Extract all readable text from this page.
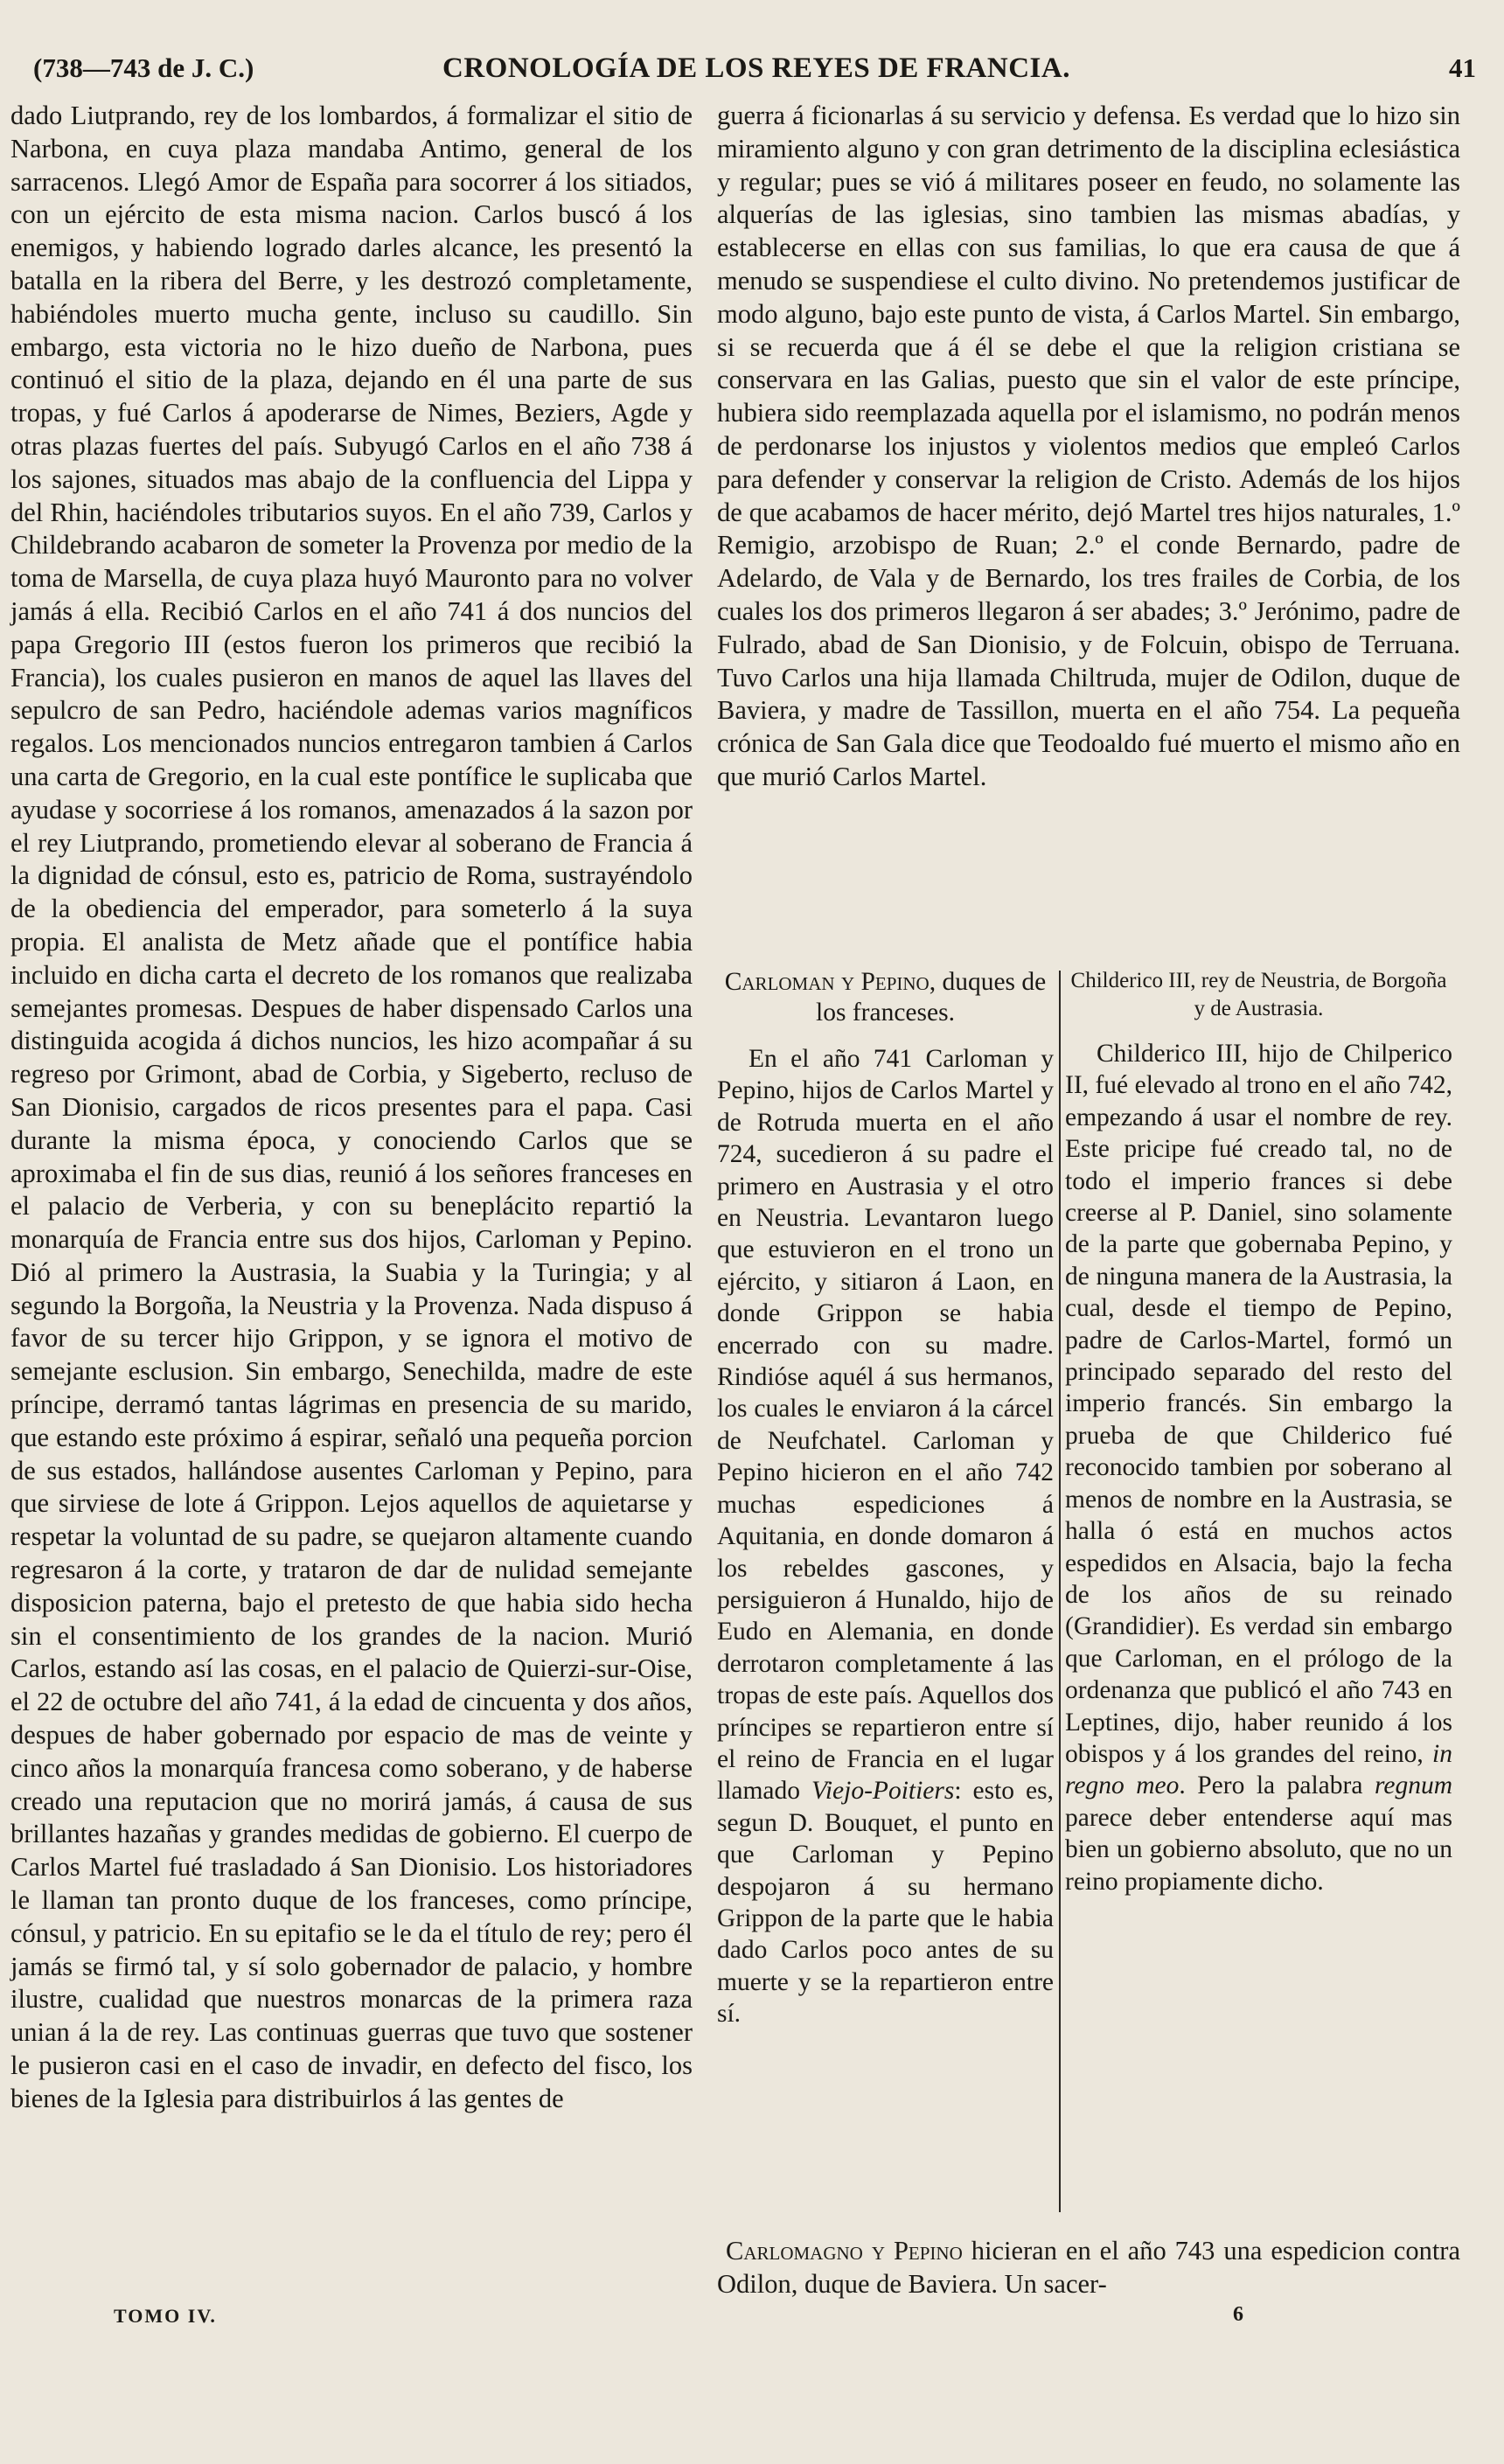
(738—743 de J. C.)	CRONOLOGÍA DE LOS REYES DE FRANCIA.	41

dado Liutprando, rey de los lombardos, á formalizar el sitio de Narbona, en cuya plaza mandaba Antimo, general de los sarracenos. Llegó Amor de España para socorrer á los sitiados, con un ejército de esta misma nacion. Carlos buscó á los enemigos, y habiendo logrado darles alcance, les presentó la batalla en la ribera del Berre, y les destrozó completamente, habiéndoles muerto mucha gente, incluso su caudillo. Sin embargo, esta victoria no le hizo dueño de Narbona, pues continuó el sitio de la plaza, dejando en él una parte de sus tropas, y fué Carlos á apoderarse de Nimes, Beziers, Agde y otras plazas fuertes del país. Subyugó Carlos en el año 738 á los sajones, situados mas abajo de la confluencia del Lippa y del Rhin, haciéndoles tributarios suyos. En el año 739, Carlos y Childebrando acabaron de someter la Provenza por medio de la toma de Marsella, de cuya plaza huyó Mauronto para no volver jamás á ella. Recibió Carlos en el año 741 á dos nuncios del papa Gregorio III (estos fueron los primeros que recibió la Francia), los cuales pusieron en manos de aquel las llaves del sepulcro de san Pedro, haciéndole ademas varios magníficos regalos. Los mencionados nuncios entregaron tambien á Carlos una carta de Gregorio, en la cual este pontífice le suplicaba que ayudase y socorriese á los romanos, amenazados á la sazon por el rey Liutprando, prometiendo elevar al soberano de Francia á la dignidad de cónsul, esto es, patricio de Roma, sustrayéndolo de la obediencia del emperador, para someterlo á la suya propia. El analista de Metz añade que el pontífice habia incluido en dicha carta el decreto de los romanos que realizaba semejantes promesas. Despues de haber dispensado Carlos una distinguida acogida á dichos nuncios, les hizo acompañar á su regreso por Grimont, abad de Corbia, y Sigeberto, recluso de San Dionisio, cargados de ricos presentes para el papa. Casi durante la misma época, y conociendo Carlos que se aproximaba el fin de sus dias, reunió á los señores franceses en el palacio de Verberia, y con su beneplácito repartió la monarquía de Francia entre sus dos hijos, Carloman y Pepino. Dió al primero la Austrasia, la Suabia y la Turingia; y al segundo la Borgoña, la Neustria y la Provenza. Nada dispuso á favor de su tercer hijo Grippon, y se ignora el motivo de semejante esclusion. Sin embargo, Senechilda, madre de este príncipe, derramó tantas lágrimas en presencia de su marido, que estando este próximo á espirar, señaló una pequeña porcion de sus estados, hallándose ausentes Carloman y Pepino, para que sirviese de lote á Grippon. Lejos aquellos de aquietarse y respetar la voluntad de su padre, se quejaron altamente cuando regresaron á la corte, y trataron de dar de nulidad semejante disposicion paterna, bajo el pretesto de que habia sido hecha sin el consentimiento de los grandes de la nacion. Murió Carlos, estando así las cosas, en el palacio de Quierzi-sur-Oise, el 22 de octubre del año 741, á la edad de cincuenta y dos años, despues de haber gobernado por espacio de mas de veinte y cinco años la monarquía francesa como soberano, y de haberse creado una reputacion que no morirá jamás, á causa de sus brillantes hazañas y grandes medidas de gobierno. El cuerpo de Carlos Martel fué trasladado á San Dionisio. Los historiadores le llaman tan pronto duque de los franceses, como príncipe, cónsul, y patricio. En su epitafio se le da el título de rey; pero él jamás se firmó tal, y sí solo gobernador de palacio, y hombre ilustre, cualidad que nuestros monarcas de la primera raza unian á la de rey. Las continuas guerras que tuvo que sostener le pusieron casi en el caso de invadir, en defecto del fisco, los bienes de la Iglesia para distribuirlos á las gentes de

guerra á ficionarlas á su servicio y defensa. Es verdad que lo hizo sin miramiento alguno y con gran detrimento de la disciplina eclesiástica y regular; pues se vió á militares poseer en feudo, no solamente las alquerías de las iglesias, sino tambien las mismas abadías, y establecerse en ellas con sus familias, lo que era causa de que á menudo se suspendiese el culto divino. No pretendemos justificar de modo alguno, bajo este punto de vista, á Carlos Martel. Sin embargo, si se recuerda que á él se debe el que la religion cristiana se conservara en las Galias, puesto que sin el valor de este príncipe, hubiera sido reemplazada aquella por el islamismo, no podrán menos de perdonarse los injustos y violentos medios que empleó Carlos para defender y conservar la religion de Cristo. Además de los hijos de que acabamos de hacer mérito, dejó Martel tres hijos naturales, 1.º Remigio, arzobispo de Ruan; 2.º el conde Bernardo, padre de Adelardo, de Vala y de Bernardo, los tres frailes de Corbia, de los cuales los dos primeros llegaron á ser abades; 3.º Jerónimo, padre de Fulrado, abad de San Dionisio, y de Folcuin, obispo de Terruana. Tuvo Carlos una hija llamada Chiltruda, mujer de Odilon, duque de Baviera, y madre de Tassillon, muerta en el año 754. La pequeña crónica de San Gala dice que Teodoaldo fué muerto el mismo año en que murió Carlos Martel.

Carloman y Pepino, duques de los franceses.

En el año 741 Carloman y Pepino, hijos de Carlos Martel y de Rotruda muerta en el año 724, sucedieron á su padre el primero en Austrasia y el otro en Neustria. Levantaron luego que estuvieron en el trono un ejército, y sitiaron á Laon, en donde Grippon se habia encerrado con su madre. Rindióse aquél á sus hermanos, los cuales le enviaron á la cárcel de Neufchatel. Carloman y Pepino hicieron en el año 742 muchas espediciones á Aquitania, en donde domaron á los rebeldes gascones, y persiguieron á Hunaldo, hijo de Eudo en Alemania, en donde derrotaron completamente á las tropas de este país. Aquellos dos príncipes se repartieron entre sí el reino de Francia en el lugar llamado Viejo-Poitiers: esto es, segun D. Bouquet, el punto en que Carloman y Pepino despojaron á su hermano Grippon de la parte que le habia dado Carlos poco antes de su muerte y se la repartieron entre sí.

Childerico III, rey de Neustria, de Borgoña y de Austrasia.

Childerico III, hijo de Chilperico II, fué elevado al trono en el año 742, empezando á usar el nombre de rey. Este pricipe fué creado tal, no de todo el imperio frances si debe creerse al P. Daniel, sino solamente de la parte que gobernaba Pepino, y de ninguna manera de la Austrasia, la cual, desde el tiempo de Pepino, padre de Carlos-Martel, formó un principado separado del resto del imperio francés. Sin embargo la prueba de que Childerico fué reconocido tambien por soberano al menos de nombre en la Austrasia, se halla ó está en muchos actos espedidos en Alsacia, bajo la fecha de los años de su reinado (Grandidier). Es verdad sin embargo que Carloman, en el prólogo de la ordenanza que publicó el año 743 en Leptines, dijo, haber reunido á los obispos y á los grandes del reino, in regno meo. Pero la palabra regnum parece deber entenderse aquí mas bien un gobierno absoluto, que no un reino propiamente dicho.

Carlomagno y Pepino hicieran en el año 743 una espedicion contra Odilon, duque de Baviera. Un sacer-
TOMO IV.	6
